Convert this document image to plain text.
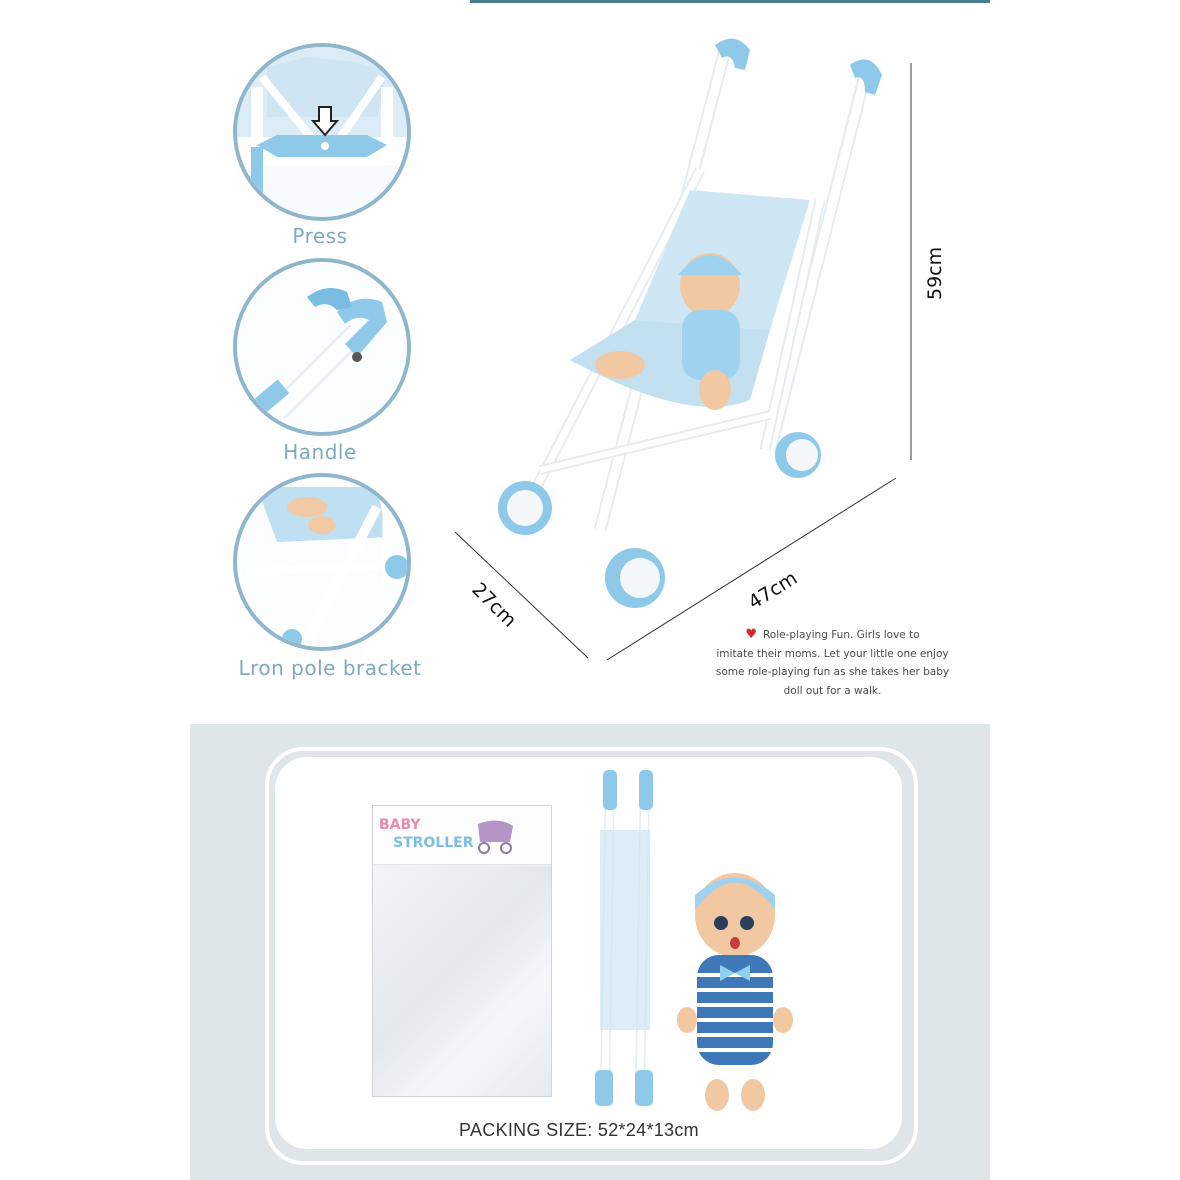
Press
Handle
Lron pole bracket
59cm
47cm
27cm
♥ Role-playing Fun. Girls love to
imitate their moms. Let your little one enjoy
some role-playing fun as she takes her baby
doll out for a walk.
BABY
STROLLER
PACKING SIZE: 52*24*13cm
